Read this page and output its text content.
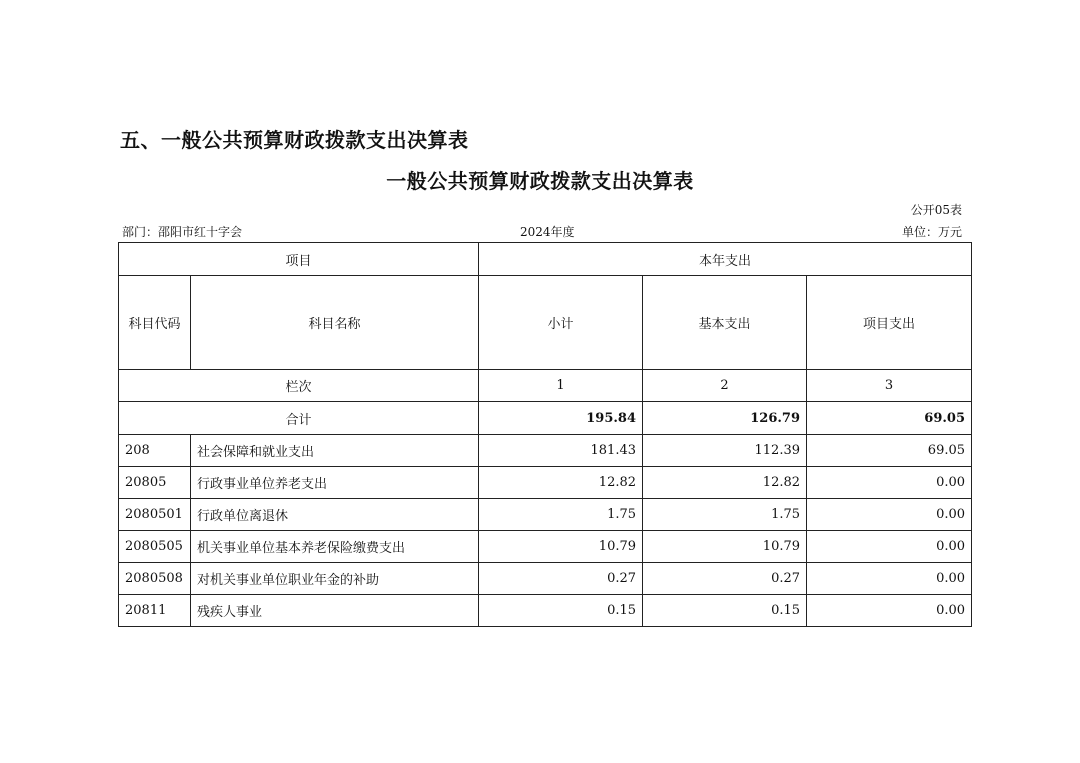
五、一般公共预算财政拨款支出决算表
一般公共预算财政拨款支出决算表
公开05表
部门：邵阳市红十字会	2024年度	单位：万元
项目		本年支出		
科目代码	科目名称	小计	基本支出	项目支出
栏次		1	2	3
合计		195.84	126.79	69.05
208	社会保障和就业支出	181.43	112.39	69.05
20805	行政事业单位养老支出	12.82	12.82	0.00
2080501	行政单位离退休	1.75	1.75	0.00
2080505	机关事业单位基本养老保险缴费支出	10.79	10.79	0.00
2080508	对机关事业单位职业年金的补助	0.27	0.27	0.00
20811	残疾人事业	0.15	0.15	0.00
